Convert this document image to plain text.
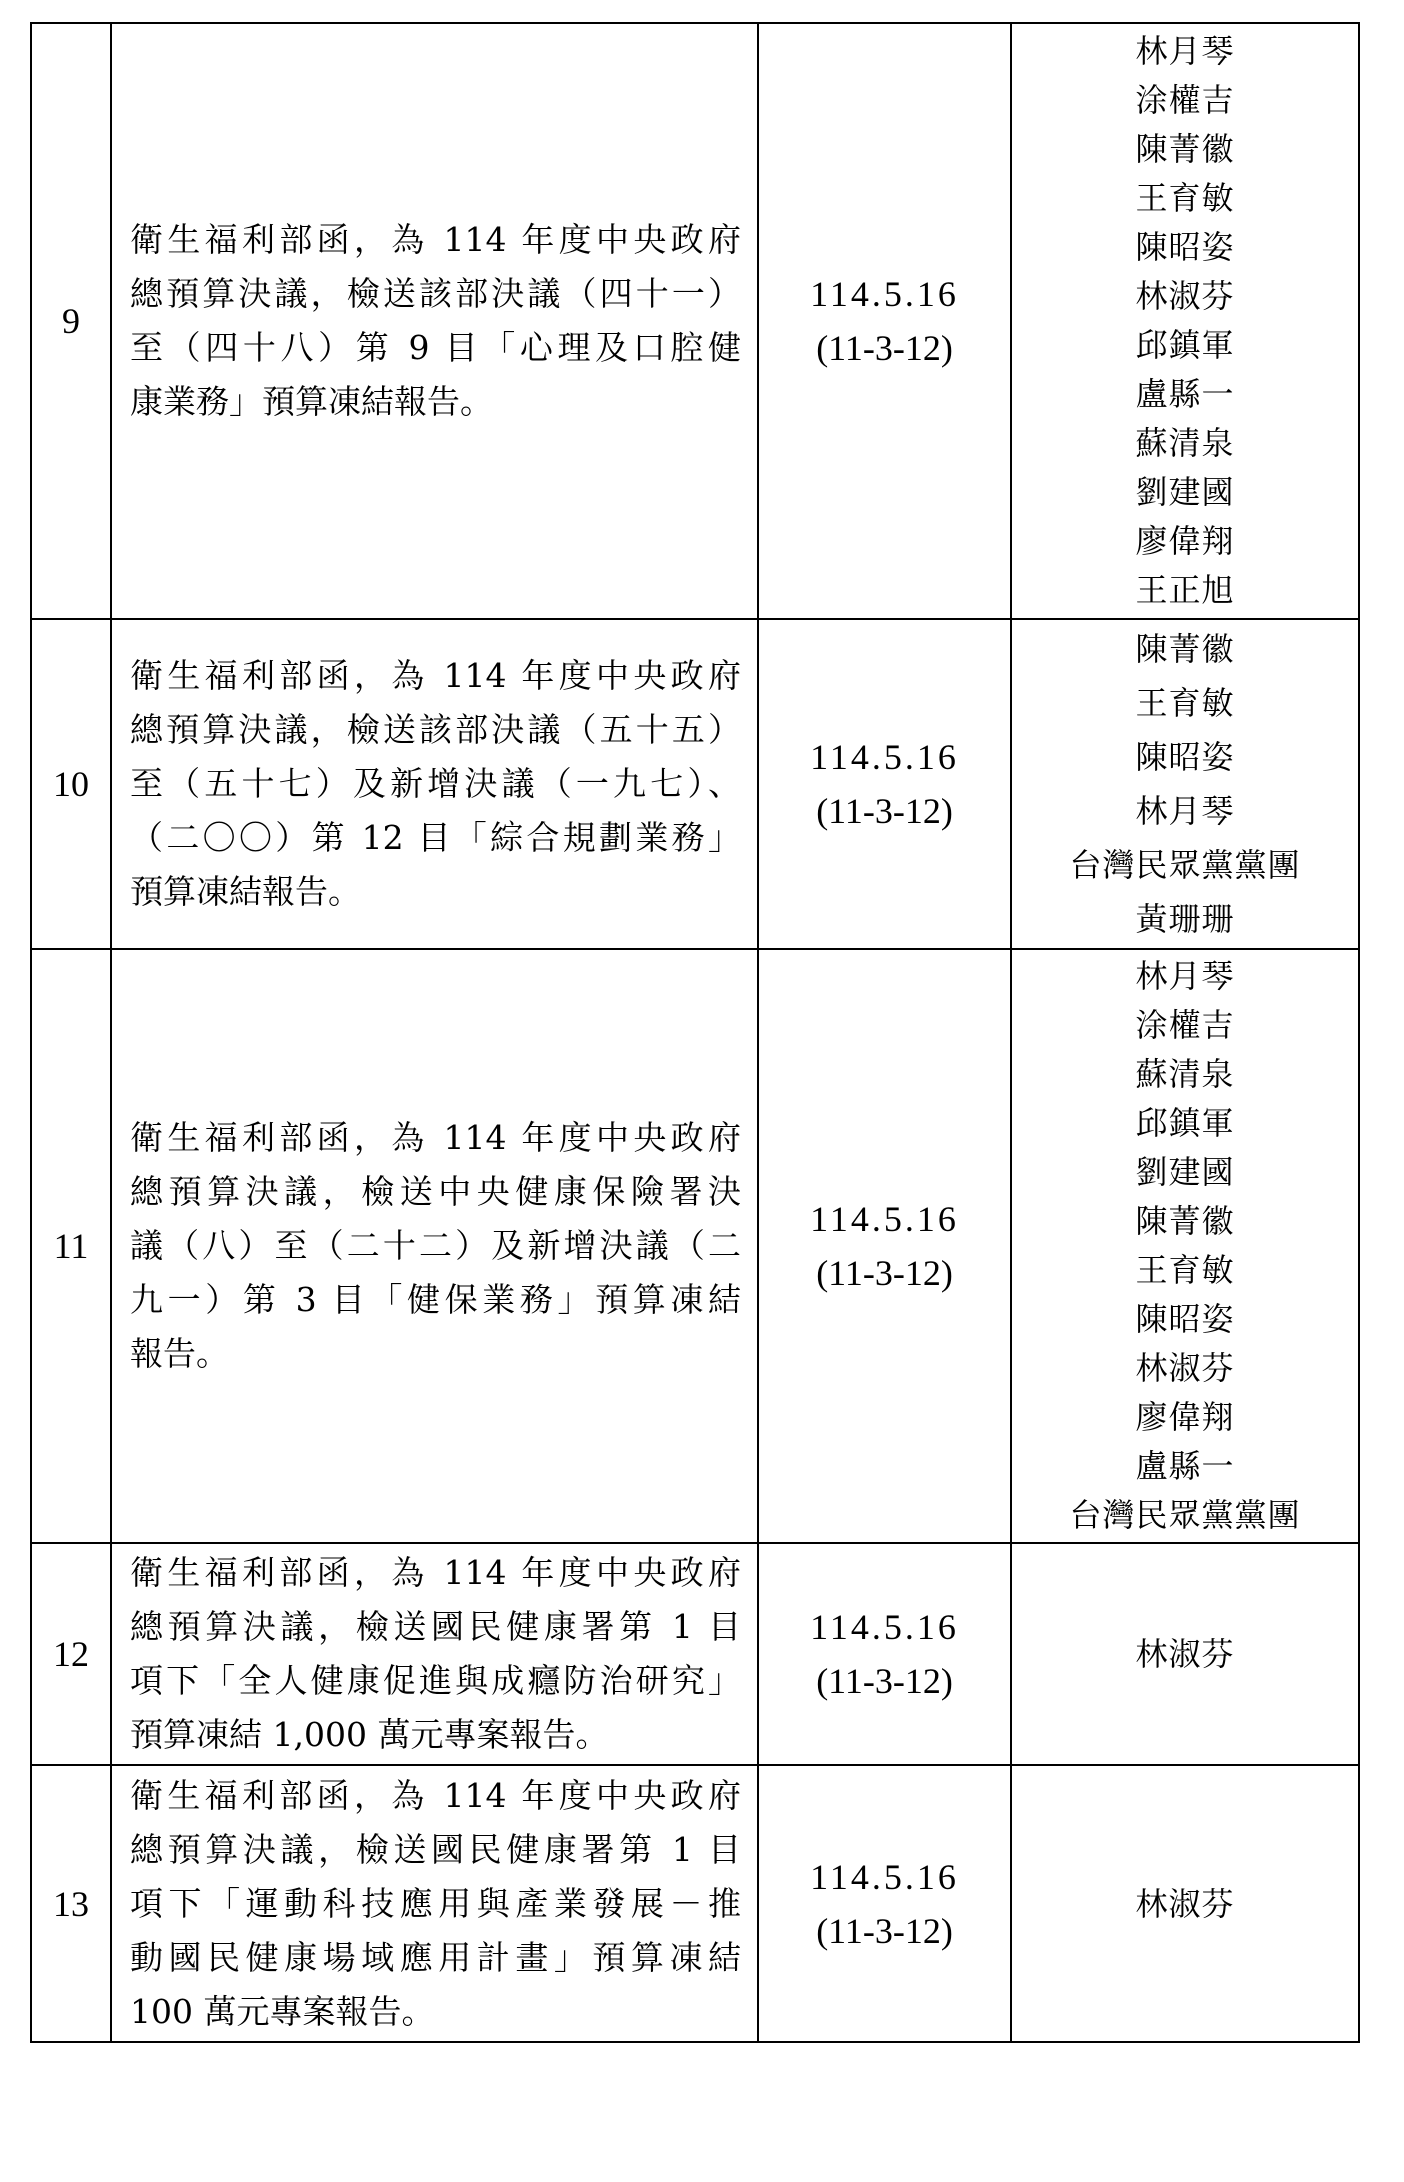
9
衛生福利部函，為 114 年度中央政府
總預算決議，檢送該部決議（四十一）
至（四十八）第 9 目「心理及口腔健
康業務」預算凍結報告。
114.5.16
(11-3-12)
林月琴
涂權吉
陳菁徽
王育敏
陳昭姿
林淑芬
邱鎮軍
盧縣一
蘇清泉
劉建國
廖偉翔
王正旭
10
衛生福利部函，為 114 年度中央政府
總預算決議，檢送該部決議（五十五）
至（五十七）及新增決議（一九七）、
（二〇〇）第 12 目「綜合規劃業務」
預算凍結報告。
114.5.16
(11-3-12)
陳菁徽
王育敏
陳昭姿
林月琴
台灣民眾黨黨團
黃珊珊
11
衛生福利部函，為 114 年度中央政府
總預算決議，檢送中央健康保險署決
議（八）至（二十二）及新增決議（二
九一）第 3 目「健保業務」預算凍結
報告。
114.5.16
(11-3-12)
林月琴
涂權吉
蘇清泉
邱鎮軍
劉建國
陳菁徽
王育敏
陳昭姿
林淑芬
廖偉翔
盧縣一
台灣民眾黨黨團
12
衛生福利部函，為 114 年度中央政府
總預算決議，檢送國民健康署第 1 目
項下「全人健康促進與成癮防治研究」
預算凍結 1,000 萬元專案報告。
114.5.16
(11-3-12)
林淑芬
13
衛生福利部函，為 114 年度中央政府
總預算決議，檢送國民健康署第 1 目
項下「運動科技應用與產業發展－推
動國民健康場域應用計畫」預算凍結
100 萬元專案報告。
114.5.16
(11-3-12)
林淑芬
